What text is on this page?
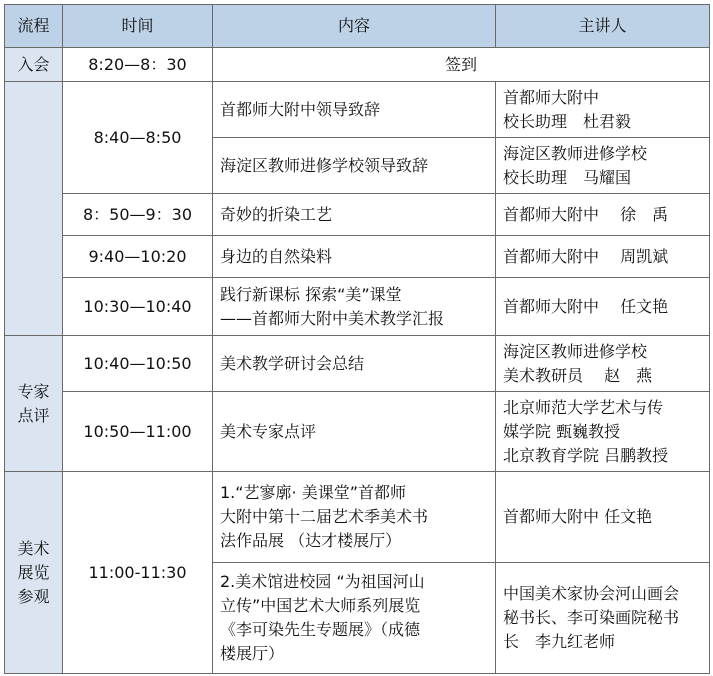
流程	时间	内容	主讲人
入会	8:20—8：30	签到	
	8:40—8:50	首都师大附中领导致辞	首都师大附中
校长助理　杜君毅
		海淀区教师进修学校领导致辞	海淀区教师进修学校
校长助理　马耀国
	8：50—9：30	奇妙的折染工艺	首都师大附中　 徐　禹
	9:40—10:20	身边的自然染料	首都师大附中　 周凯斌
	10:30—10:40	践行新课标 探索“美”课堂
——首都师大附中美术教学汇报	首都师大附中　 任文艳
专家
点评	10:40—10:50	美术教学研讨会总结	海淀区教师进修学校
美术教研员　 赵　燕
	10:50—11:00	美术专家点评	北京师范大学艺术与传
媒学院 甄巍教授
北京教育学院 吕鹏教授
美术
展览
参观	11:00-11:30	1.“艺寥廓· 美课堂”首都师
大附中第十二届艺术季美术书
法作品展 （达才楼展厅）	首都师大附中 任文艳
		2.美术馆进校园 “为祖国河山
立传”中国艺术大师系列展览
《李可染先生专题展》（成德
楼展厅）	中国美术家协会河山画会
秘书长、李可染画院秘书
长　李九红老师
